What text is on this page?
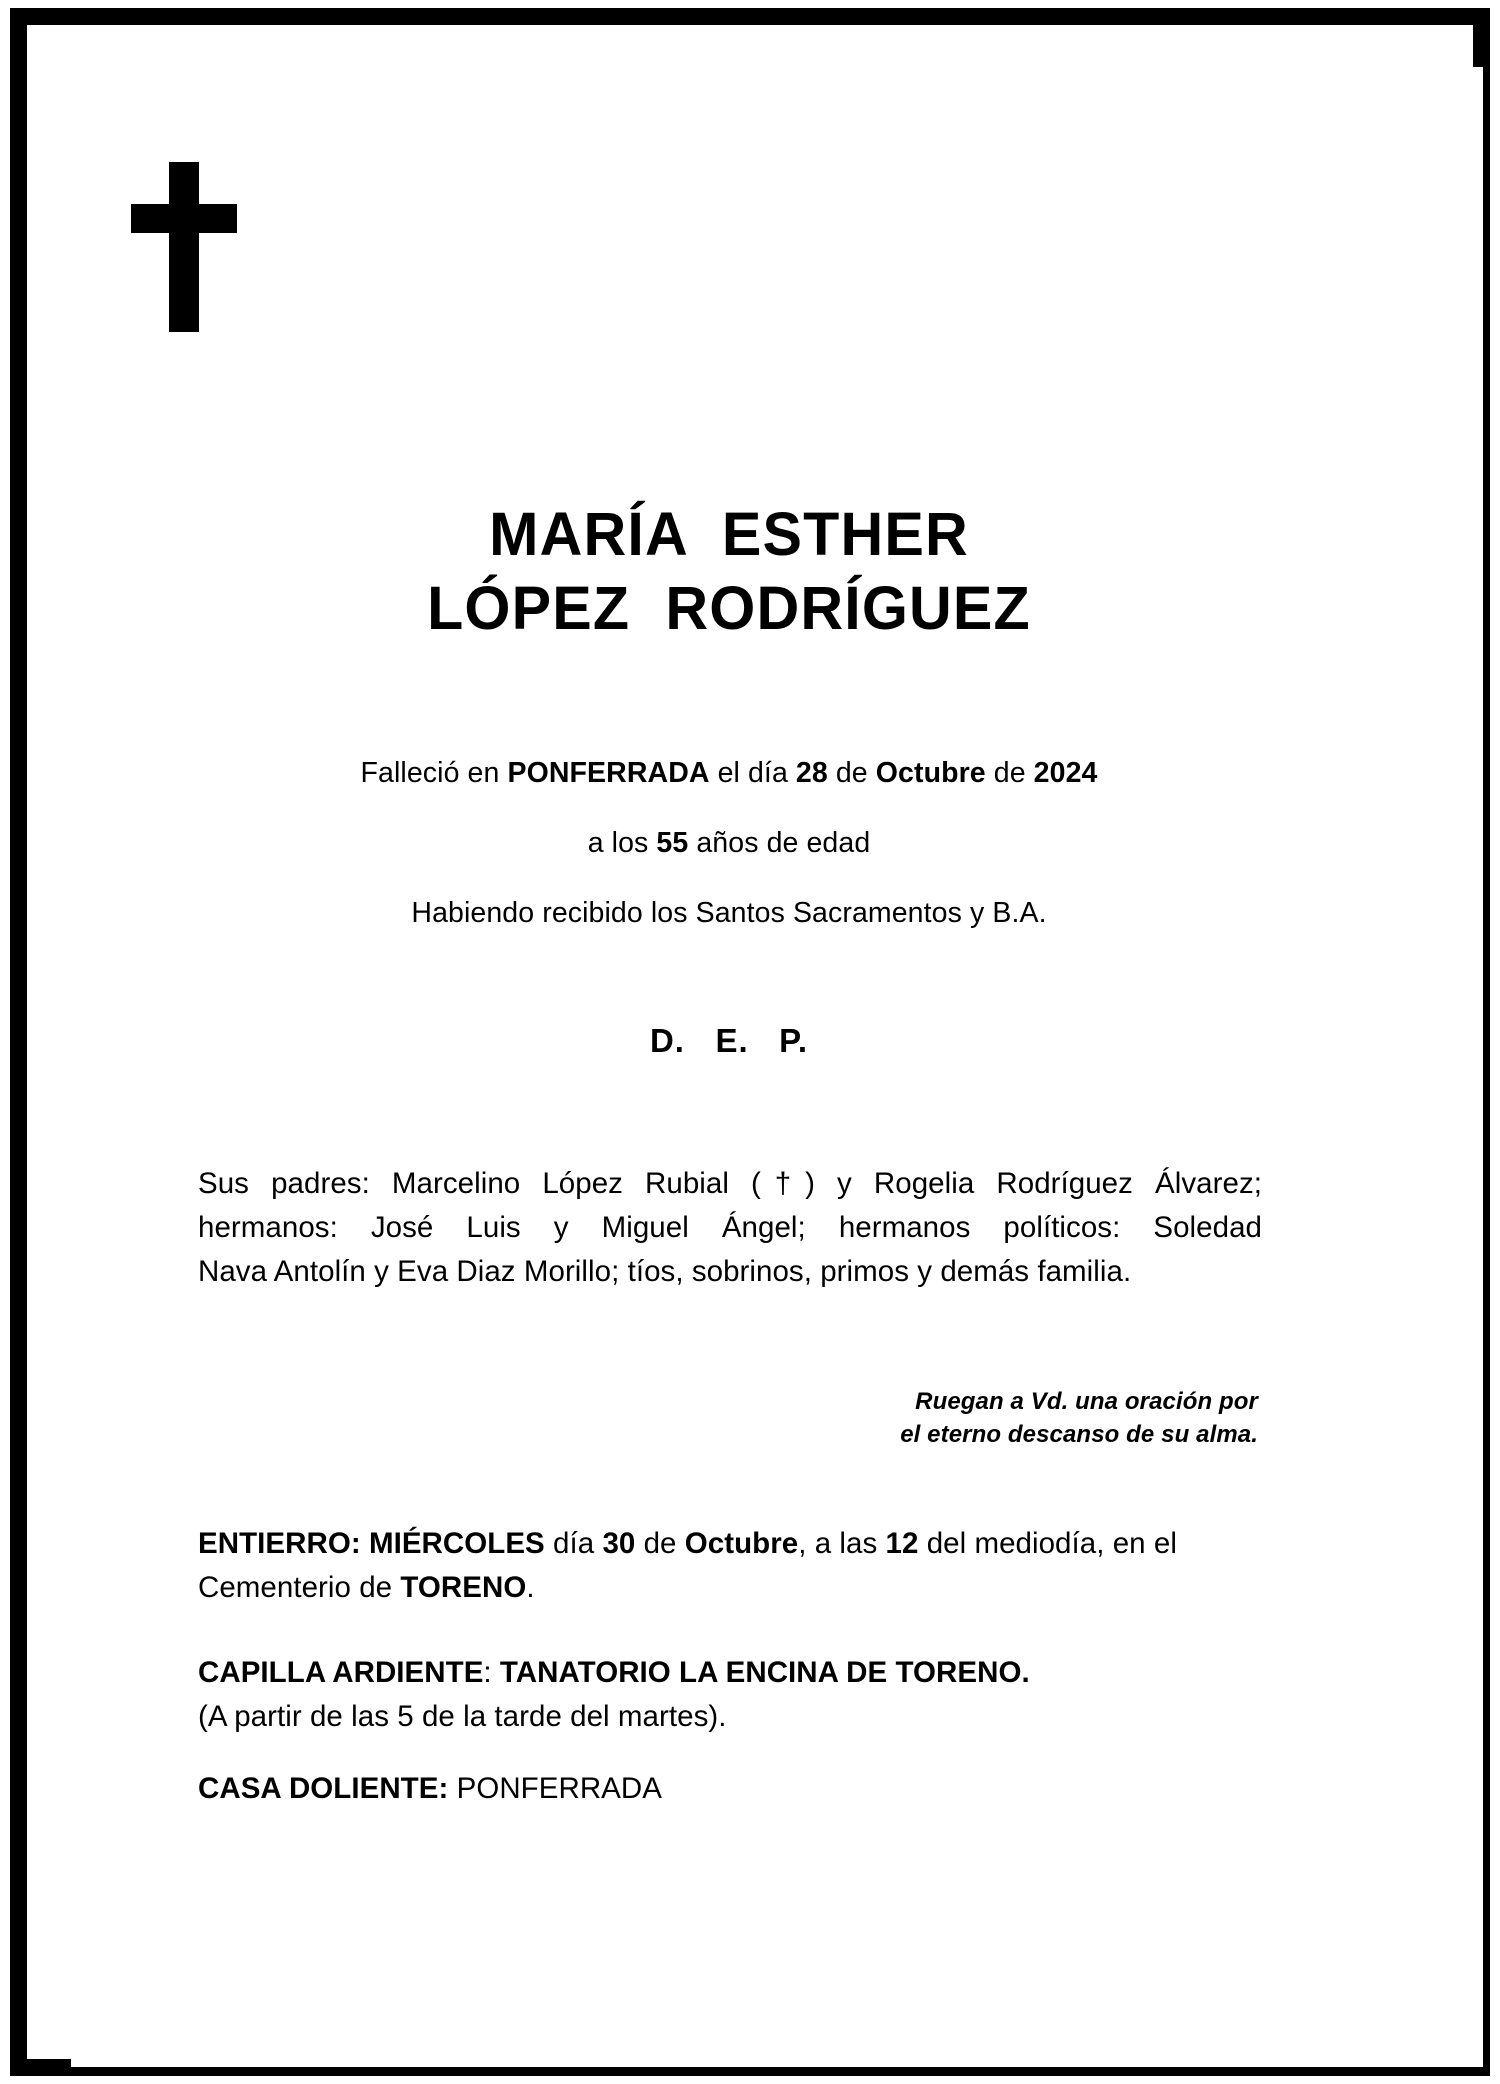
MARÍA  ESTHER
LÓPEZ  RODRÍGUEZ
Falleció en PONFERRADA el día 28 de Octubre de 2024
a los 55 años de edad
Habiendo recibido los Santos Sacramentos y B.A.
D.   E.   P.
Sus padres: Marcelino López Rubial (†) y Rogelia Rodríguez Álvarez;
hermanos: José Luis y Miguel Ángel; hermanos políticos: Soledad
Nava Antolín y Eva Diaz Morillo; tíos, sobrinos, primos y demás familia.
Ruegan a Vd. una oración por
el eterno descanso de su alma.
ENTIERRO: MIÉRCOLES día 30 de Octubre, a las 12 del mediodía, en el Cementerio de TORENO.
CAPILLA ARDIENTE: TANATORIO LA ENCINA DE TORENO.
(A partir de las 5 de la tarde del martes).
CASA DOLIENTE: PONFERRADA
